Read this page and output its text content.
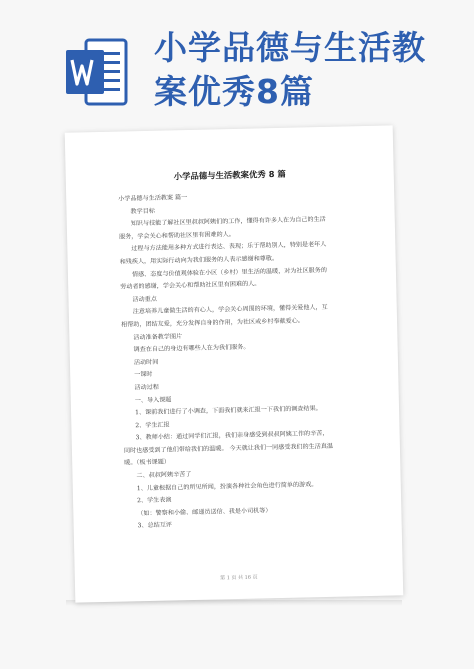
小学品德与生活教
案优秀8篇
小学品德与生活教案优秀 8 篇

小学品德与生活教案 篇一

教学目标

知识与技能了解社区里叔叔阿姨们的工作，懂得有许多人在为自己的生活

服务，学会关心和帮助社区里有困难的人。

过程与方法能用多种方式进行表达、表现；乐于帮助别人，特别是老年人

和残疾人，用实际行动向为我们服务的人表示感谢和尊敬。

情感、态度与价值观体验在小区（乡村）里生活的温暖，对为社区服务的

劳动者的感谢，学会关心和帮助社区里有困难的人。

活动重点

注意培养儿童做生活的有心人，学会关心周围的环境，懂得关爱他人，互

相帮助，团结友爱，充分发挥自身的作用，为社区或乡村奉献爱心。

活动准备教学图片

调查在自己的身边有哪些人在为我们服务。

活动时间

一课时

活动过程

一、导入课题

1、课前我们进行了小调查，下面我们就来汇报一下我们的调查结果。

2、学生汇报

3、教师小结：通过同学们汇报，我们亲身感受到叔叔阿姨工作的辛苦，

同时也感受到了他们带给我们的温暖。 今天就让我们一同感受我们的生活真温

暖。（板书课题）

二、叔叔阿姨辛苦了

1、儿童根据自己的所见所闻，扮演各种社会角色进行简单的游戏。

2、学生表演

（如：警察和小偷、邮递员送信、我是小司机等）

3、总结互评

第 1 页 共 16 页
